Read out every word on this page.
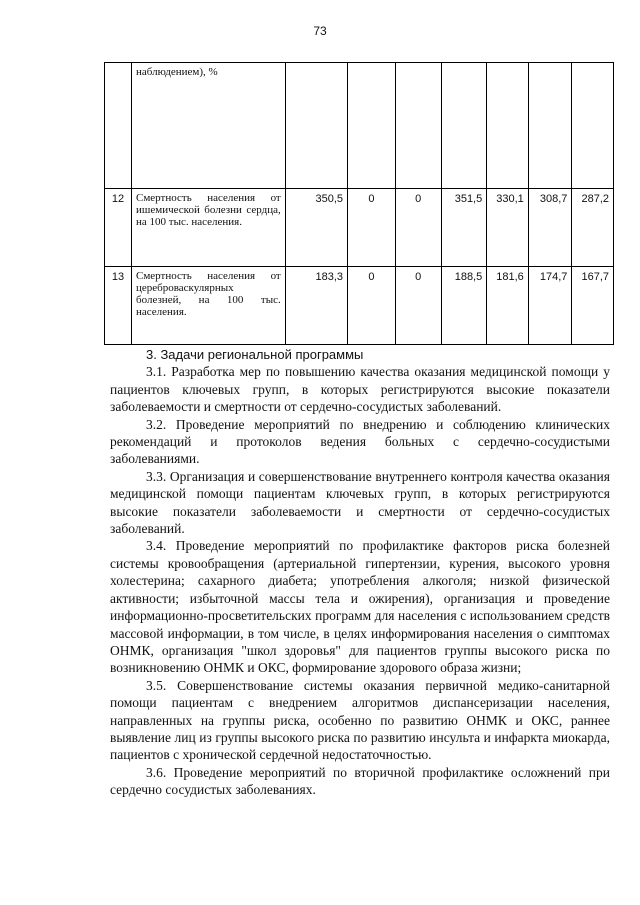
73
	наблюдением), %							
12	Смертность населения от ишемической болезни сердца, на 100 тыс. населения.	350,5	0	0	351,5	330,1	308,7	287,2
13	Смертность населения от цереброваскулярных болезней, на 100 тыс. населения.	183,3	0	0	188,5	181,6	174,7	167,7

3. Задачи региональной программы

3.1. Разработка мер по повышению качества оказания медицинской помощи у пациентов ключевых групп, в которых регистрируются высокие показатели заболеваемости и смертности от сердечно-сосудистых заболеваний.

3.2. Проведение мероприятий по внедрению и соблюдению клинических рекомендаций и протоколов ведения больных с сердечно-сосудистыми заболеваниями.

3.3. Организация и совершенствование внутреннего контроля качества оказания медицинской помощи пациентам ключевых групп, в которых регистрируются высокие показатели заболеваемости и смертности от сердечно-сосудистых заболеваний.

3.4. Проведение мероприятий по профилактике факторов риска болезней системы кровообращения (артериальной гипертензии, курения, высокого уровня холестерина; сахарного диабета; употребления алкоголя; низкой физической активности; избыточной массы тела и ожирения), организация и проведение информационно-просветительских программ для населения с использованием средств массовой информации, в том числе, в целях информирования населения о симптомах ОНМК, организация "школ здоровья" для пациентов группы высокого риска по возникновению ОНМК и ОКС, формирование здорового образа жизни;

3.5. Совершенствование системы оказания первичной медико-санитарной помощи пациентам с внедрением алгоритмов диспансеризации населения, направленных на группы риска, особенно по развитию ОНМК и ОКС, раннее выявление лиц из группы высокого риска по развитию инсульта и инфаркта миокарда, пациентов с хронической сердечной недостаточностью.

3.6. Проведение мероприятий по вторичной профилактике осложнений при сердечно сосудистых заболеваниях.
